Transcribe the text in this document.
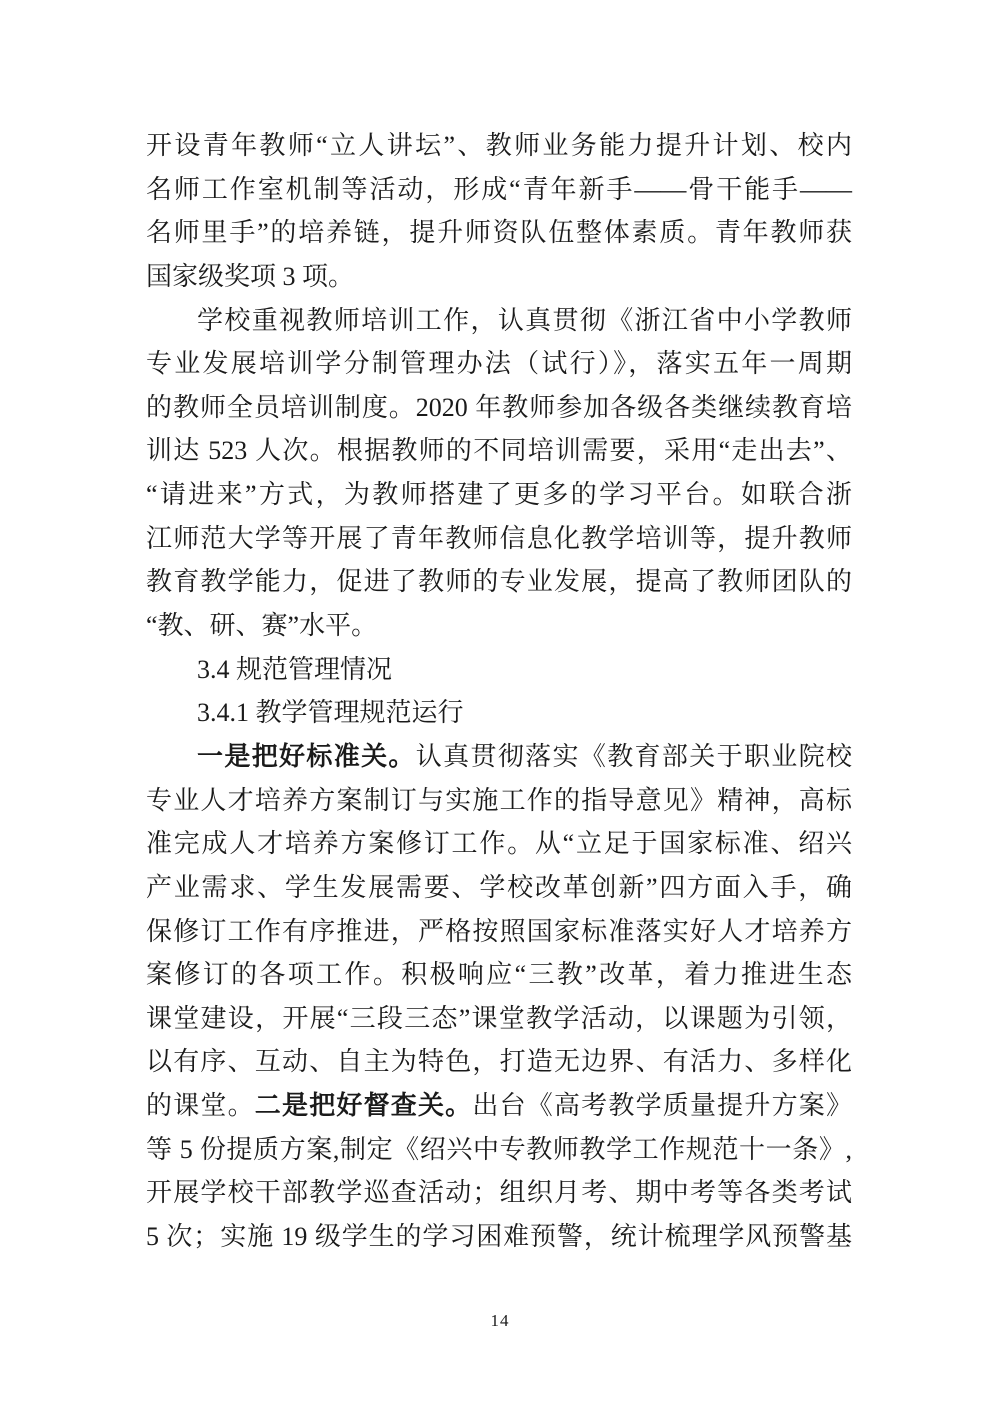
开设青年教师“立人讲坛”、教师业务能力提升计划、校内
名师工作室机制等活动，形成“青年新手——骨干能手——
名师里手”的培养链，提升师资队伍整体素质。青年教师获
国家级奖项 3 项。
学校重视教师培训工作，认真贯彻《浙江省中小学教师
专业发展培训学分制管理办法（试行）》，落实五年一周期
的教师全员培训制度。2020 年教师参加各级各类继续教育培
训达 523 人次。根据教师的不同培训需要，采用“走出去”、
“请进来”方式，为教师搭建了更多的学习平台。如联合浙
江师范大学等开展了青年教师信息化教学培训等，提升教师
教育教学能力，促进了教师的专业发展，提高了教师团队的
“教、研、赛”水平。
3.4 规范管理情况
3.4.1 教学管理规范运行
一是把好标准关。认真贯彻落实《教育部关于职业院校
专业人才培养方案制订与实施工作的指导意见》精神，高标
准完成人才培养方案修订工作。从“立足于国家标准、绍兴
产业需求、学生发展需要、学校改革创新”四方面入手，确
保修订工作有序推进，严格按照国家标准落实好人才培养方
案修订的各项工作。积极响应“三教”改革，着力推进生态
课堂建设，开展“三段三态”课堂教学活动，以课题为引领，
以有序、互动、自主为特色，打造无边界、有活力、多样化
的课堂。二是把好督查关。出台《高考教学质量提升方案》
等 5 份提质方案,制定《绍兴中专教师教学工作规范十一条》,
开展学校干部教学巡查活动；组织月考、期中考等各类考试
5 次；实施 19 级学生的学习困难预警，统计梳理学风预警基
14
